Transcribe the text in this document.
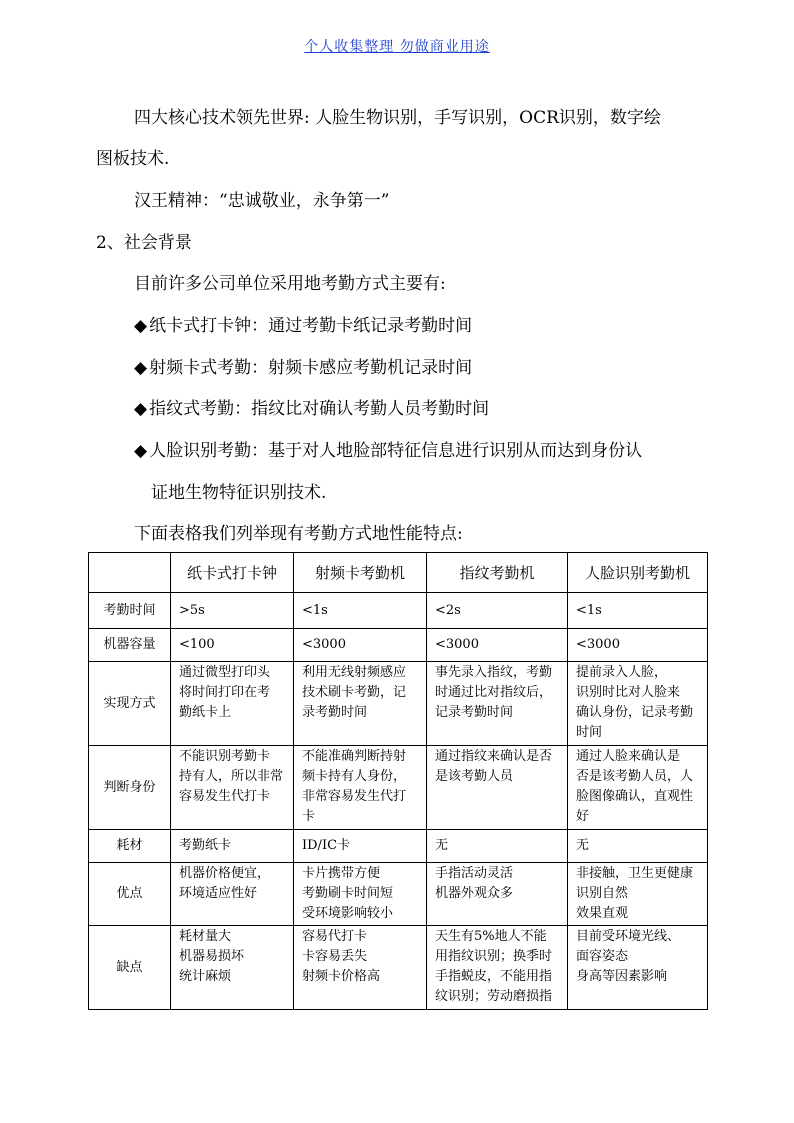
个人收集整理 勿做商业用途
四大核心技术领先世界: 人脸生物识别，手写识别，OCR识别，数字绘
图板技术.
汉王精神：“忠诚敬业，永争第一”
2、社会背景
目前许多公司单位采用地考勤方式主要有:
◆ 纸卡式打卡钟：通过考勤卡纸记录考勤时间
◆ 射频卡式考勤：射频卡感应考勤机记录时间
◆ 指纹式考勤：指纹比对确认考勤人员考勤时间
◆ 人脸识别考勤：基于对人地脸部特征信息进行识别从而达到身份认
证地生物特征识别技术.
下面表格我们列举现有考勤方式地性能特点:
	纸卡式打卡钟	射频卡考勤机	指纹考勤机	人脸识别考勤机
考勤时间	>5s	<1s	<2s	<1s

机器容量	<100	<3000	<3000	<3000

实现方式	通过微型打印头
将时间打印在考
勤纸卡上	利用无线射频感应
技术刷卡考勤，记
录考勤时间	事先录入指纹，考勤
时通过比对指纹后，
记录考勤时间	提前录入人脸，
识别时比对人脸来
确认身份，记录考勤
时间

判断身份	不能识别考勤卡
持有人，所以非常
容易发生代打卡	不能准确判断持射
频卡持有人身份，
非常容易发生代打
卡	通过指纹来确认是否
是该考勤人员	通过人脸来确认是
否是该考勤人员，人
脸图像确认，直观性
好

耗材	考勤纸卡	ID/IC卡	无	无

优点	机器价格便宜，
环境适应性好	卡片携带方便
考勤刷卡时间短
受环境影响较小	手指活动灵活
机器外观众多	非接触，卫生更健康
识别自然
效果直观

缺点	耗材量大
机器易损坏
统计麻烦	容易代打卡
卡容易丢失
射频卡价格高	天生有5%地人不能
用指纹识别；换季时
手指蜕皮，不能用指
纹识别；劳动磨损指	目前受环境光线、
面容姿态
身高等因素影响
